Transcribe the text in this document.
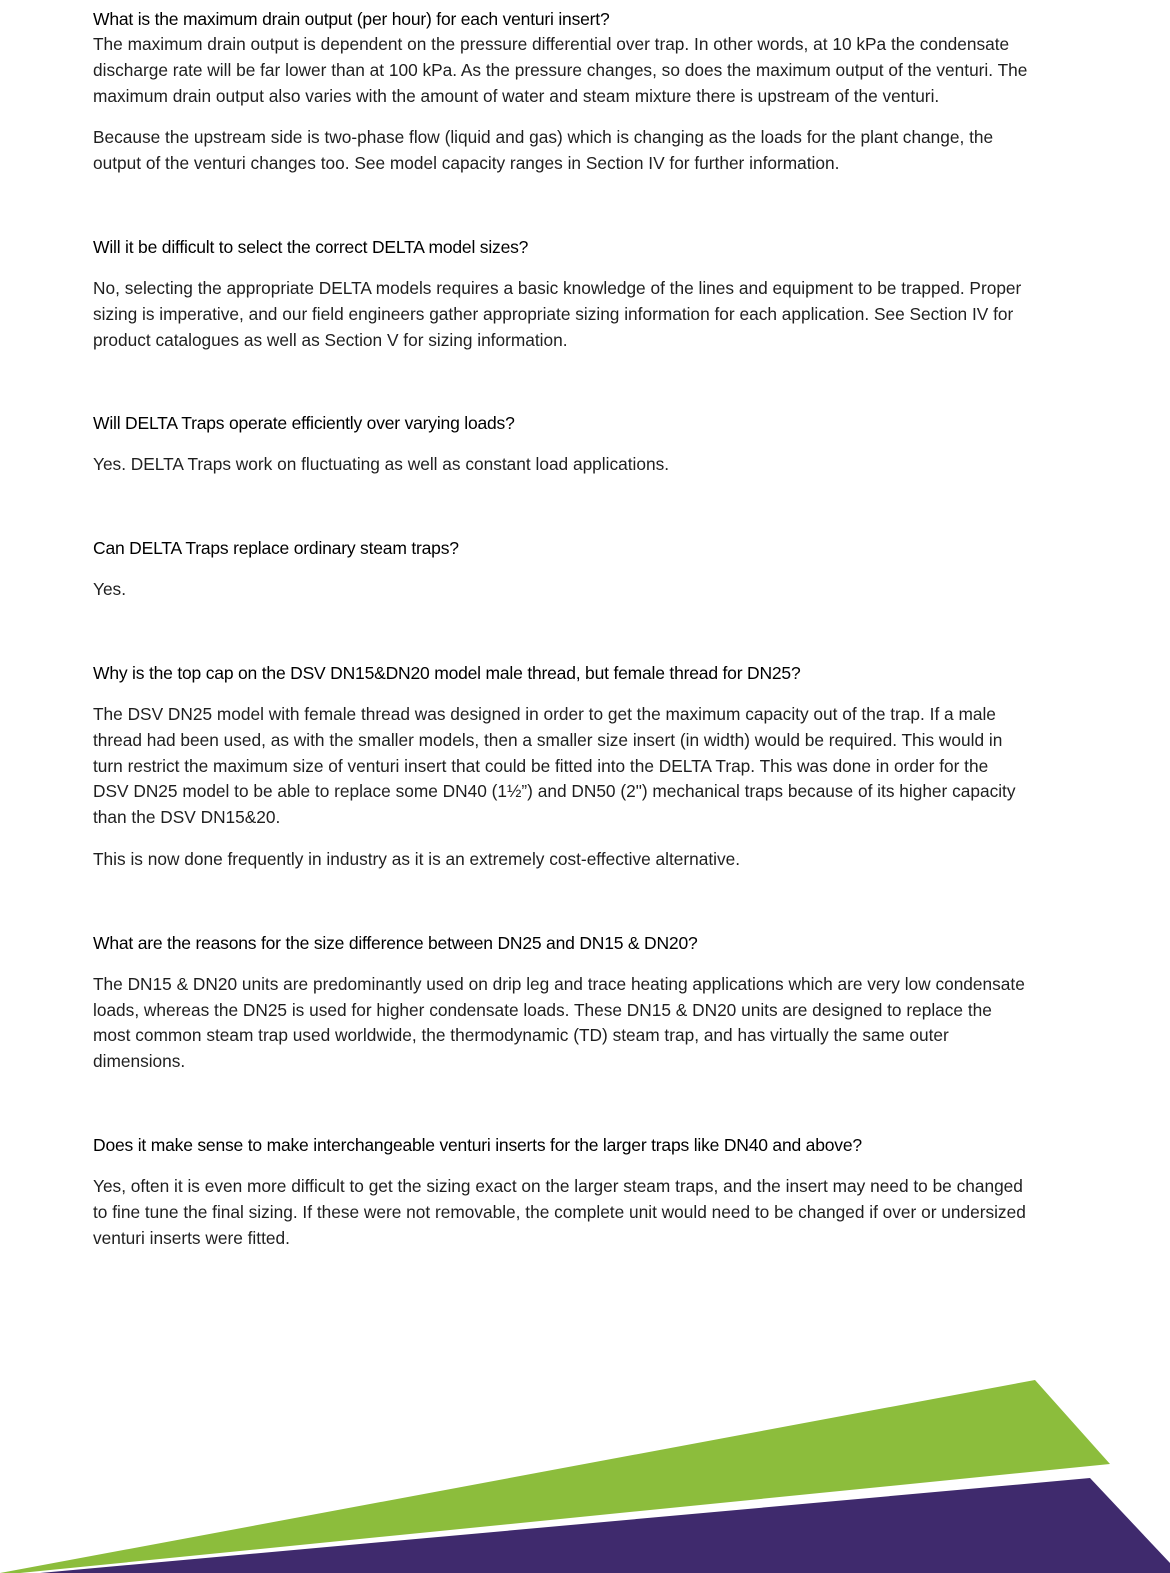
What is the maximum drain output (per hour) for each venturi insert?

The maximum drain output is dependent on the pressure differential over trap. In other words, at 10 kPa the condensate discharge rate will be far lower than at 100 kPa. As the pressure changes, so does the maximum output of the venturi. The maximum drain output also varies with the amount of water and steam mixture there is upstream of the venturi.

Because the upstream side is two-phase flow (liquid and gas) which is changing as the loads for the plant change, the output of the venturi changes too. See model capacity ranges in Section IV for further information.

Will it be difficult to select the correct DELTA model sizes?

No, selecting the appropriate DELTA models requires a basic knowledge of the lines and equipment to be trapped. Proper sizing is imperative, and our field engineers gather appropriate sizing information for each application. See Section IV for product catalogues as well as Section V for sizing information.

Will DELTA Traps operate efficiently over varying loads?

Yes. DELTA Traps work on fluctuating as well as constant load applications.

Can DELTA Traps replace ordinary steam traps?

Yes.

Why is the top cap on the DSV DN15&DN20 model male thread, but female thread for DN25?

The DSV DN25 model with female thread was designed in order to get the maximum capacity out of the trap. If a male thread had been used, as with the smaller models, then a smaller size insert (in width) would be required. This would in turn restrict the maximum size of venturi insert that could be fitted into the DELTA Trap. This was done in order for the DSV DN25 model to be able to replace some DN40 (1½”) and DN50 (2") mechanical traps because of its higher capacity than the DSV DN15&20.

This is now done frequently in industry as it is an extremely cost-effective alternative.

What are the reasons for the size difference between DN25 and DN15 & DN20?

The DN15 & DN20 units are predominantly used on drip leg and trace heating applications which are very low condensate loads, whereas the DN25 is used for higher condensate loads. These DN15 & DN20 units are designed to replace the most common steam trap used worldwide, the thermodynamic (TD) steam trap, and has virtually the same outer dimensions.

Does it make sense to make interchangeable venturi inserts for the larger traps like DN40 and above?

Yes, often it is even more difficult to get the sizing exact on the larger steam traps, and the insert may need to be changed to fine tune the final sizing. If these were not removable, the complete unit would need to be changed if over or undersized venturi inserts were fitted.
